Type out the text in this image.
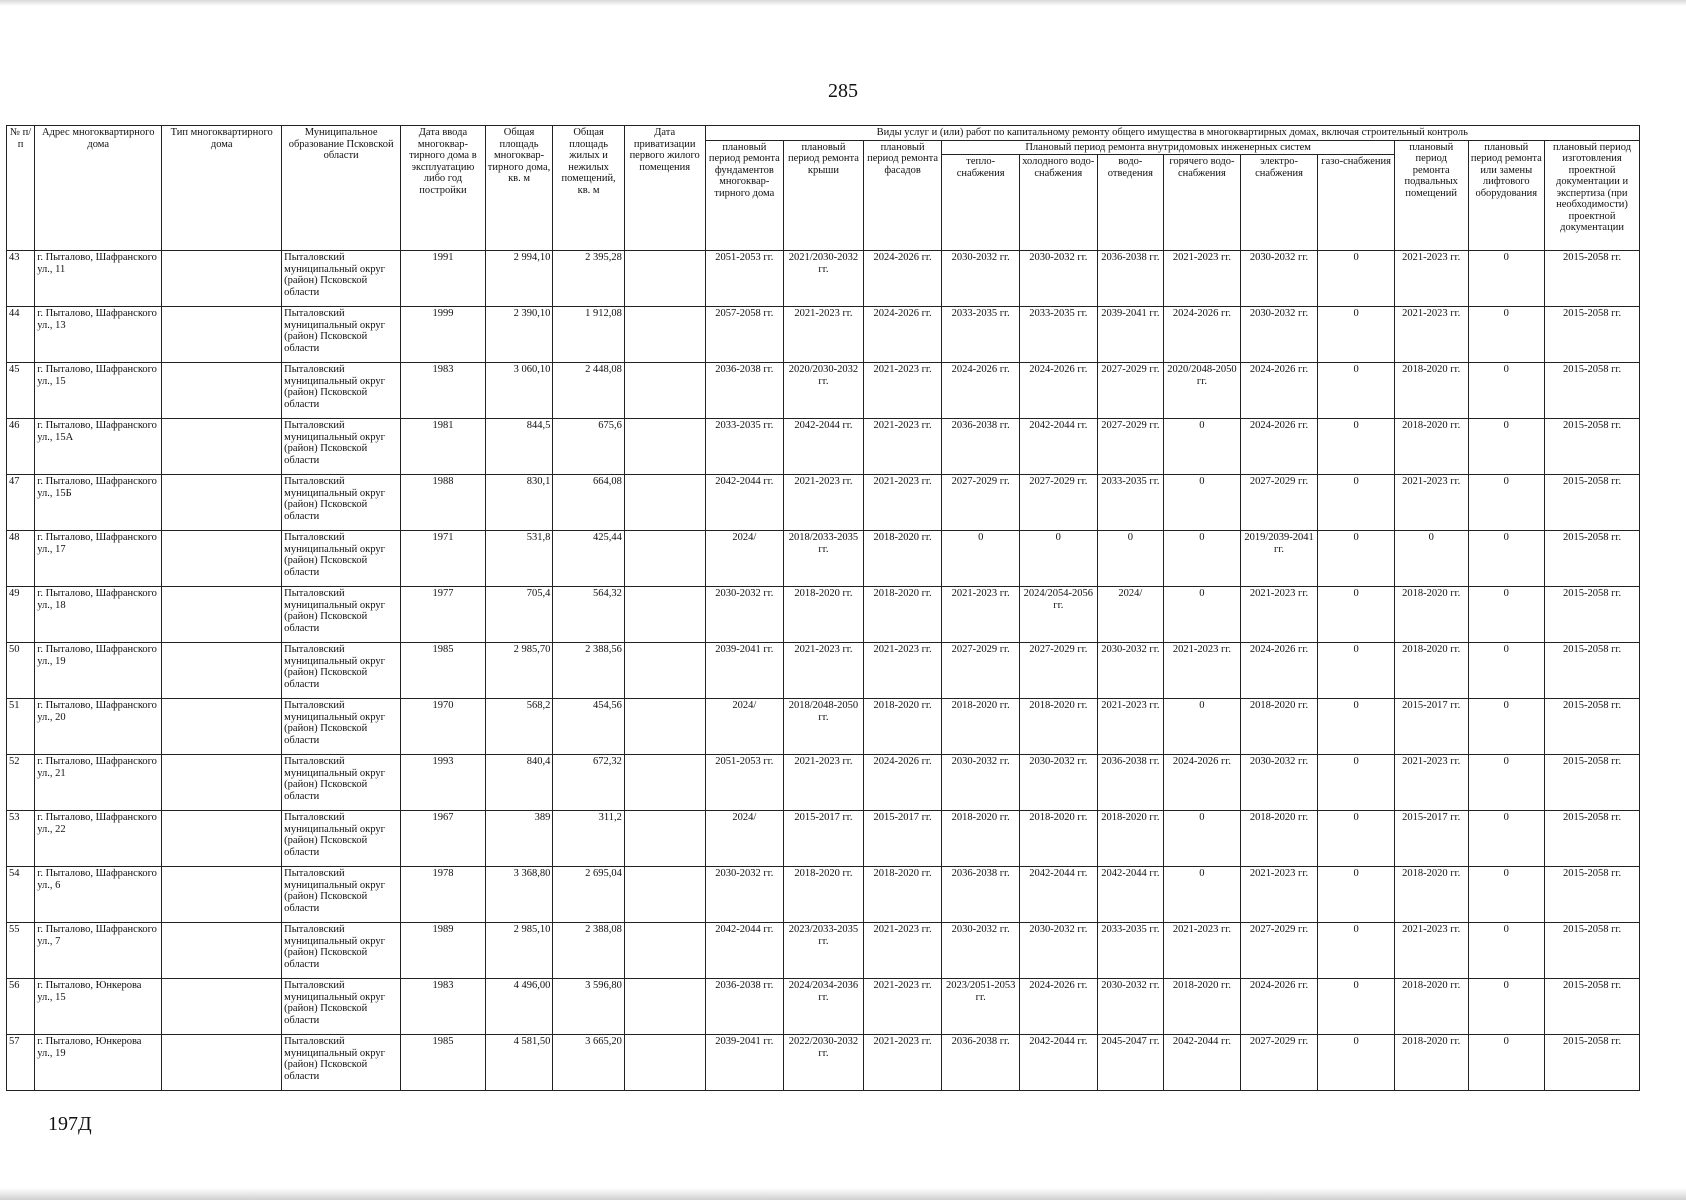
285
№ п/п	Адрес многоквартирного дома	Тип многоквартирного дома	Муниципальное образование Псковской области	Дата ввода многоквар-тирного дома в эксплуатацию либо год постройки	Общая площадь многоквар-тирного дома, кв. м	Общая площадь жилых и нежилых помещений, кв. м	Дата приватизации первого жилого помещения	Виды услуг и (или) работ по капитальному ремонту общего имущества в многоквартирных домах, включая строительный контроль											
								плановый период ремонта фундаментов многоквар-тирного дома	плановый период ремонта крыши	плановый период ремонта фасадов	Плановый период ремонта внутридомовых инженерных систем						плановый период ремонта подвальных помещений	плановый период ремонта или замены лифтового оборудования	плановый период изготовления проектной документации и экспертиза (при необходимости) проектной документации
											тепло-снабжения	холодного водо-снабжения	водо-отведения	горячего водо-снабжения	электро-снабжения	газо-снабжения			
43	г. Пыталово, Шафранского ул., 11		Пыталовский муниципальный округ (район) Псковской области	1991	2 994,10	2 395,28		2051-2053 гг.	2021/2030-2032 гг.	2024-2026 гг.	2030-2032 гг.	2030-2032 гг.	2036-2038 гг.	2021-2023 гг.	2030-2032 гг.	0	2021-2023 гг.	0	2015-2058 гг.
44	г. Пыталово, Шафранского ул., 13		Пыталовский муниципальный округ (район) Псковской области	1999	2 390,10	1 912,08		2057-2058 гг.	2021-2023 гг.	2024-2026 гг.	2033-2035 гг.	2033-2035 гг.	2039-2041 гг.	2024-2026 гг.	2030-2032 гг.	0	2021-2023 гг.	0	2015-2058 гг.
45	г. Пыталово, Шафранского ул., 15		Пыталовский муниципальный округ (район) Псковской области	1983	3 060,10	2 448,08		2036-2038 гг.	2020/2030-2032 гг.	2021-2023 гг.	2024-2026 гг.	2024-2026 гг.	2027-2029 гг.	2020/2048-2050 гг.	2024-2026 гг.	0	2018-2020 гг.	0	2015-2058 гг.
46	г. Пыталово, Шафранского ул., 15А		Пыталовский муниципальный округ (район) Псковской области	1981	844,5	675,6		2033-2035 гг.	2042-2044 гг.	2021-2023 гг.	2036-2038 гг.	2042-2044 гг.	2027-2029 гг.	0	2024-2026 гг.	0	2018-2020 гг.	0	2015-2058 гг.
47	г. Пыталово, Шафранского ул., 15Б		Пыталовский муниципальный округ (район) Псковской области	1988	830,1	664,08		2042-2044 гг.	2021-2023 гг.	2021-2023 гг.	2027-2029 гг.	2027-2029 гг.	2033-2035 гг.	0	2027-2029 гг.	0	2021-2023 гг.	0	2015-2058 гг.
48	г. Пыталово, Шафранского ул., 17		Пыталовский муниципальный округ (район) Псковской области	1971	531,8	425,44		2024/	2018/2033-2035 гг.	2018-2020 гг.	0	0	0	0	2019/2039-2041 гг.	0	0	0	2015-2058 гг.
49	г. Пыталово, Шафранского ул., 18		Пыталовский муниципальный округ (район) Псковской области	1977	705,4	564,32		2030-2032 гг.	2018-2020 гг.	2018-2020 гг.	2021-2023 гг.	2024/2054-2056 гг.	2024/	0	2021-2023 гг.	0	2018-2020 гг.	0	2015-2058 гг.
50	г. Пыталово, Шафранского ул., 19		Пыталовский муниципальный округ (район) Псковской области	1985	2 985,70	2 388,56		2039-2041 гг.	2021-2023 гг.	2021-2023 гг.	2027-2029 гг.	2027-2029 гг.	2030-2032 гг.	2021-2023 гг.	2024-2026 гг.	0	2018-2020 гг.	0	2015-2058 гг.
51	г. Пыталово, Шафранского ул., 20		Пыталовский муниципальный округ (район) Псковской области	1970	568,2	454,56		2024/	2018/2048-2050 гг.	2018-2020 гг.	2018-2020 гг.	2018-2020 гг.	2021-2023 гг.	0	2018-2020 гг.	0	2015-2017 гг.	0	2015-2058 гг.
52	г. Пыталово, Шафранского ул., 21		Пыталовский муниципальный округ (район) Псковской области	1993	840,4	672,32		2051-2053 гг.	2021-2023 гг.	2024-2026 гг.	2030-2032 гг.	2030-2032 гг.	2036-2038 гг.	2024-2026 гг.	2030-2032 гг.	0	2021-2023 гг.	0	2015-2058 гг.
53	г. Пыталово, Шафранского ул., 22		Пыталовский муниципальный округ (район) Псковской области	1967	389	311,2		2024/	2015-2017 гг.	2015-2017 гг.	2018-2020 гг.	2018-2020 гг.	2018-2020 гг.	0	2018-2020 гг.	0	2015-2017 гг.	0	2015-2058 гг.
54	г. Пыталово, Шафранского ул., 6		Пыталовский муниципальный округ (район) Псковской области	1978	3 368,80	2 695,04		2030-2032 гг.	2018-2020 гг.	2018-2020 гг.	2036-2038 гг.	2042-2044 гг.	2042-2044 гг.	0	2021-2023 гг.	0	2018-2020 гг.	0	2015-2058 гг.
55	г. Пыталово, Шафранского ул., 7		Пыталовский муниципальный округ (район) Псковской области	1989	2 985,10	2 388,08		2042-2044 гг.	2023/2033-2035 гг.	2021-2023 гг.	2030-2032 гг.	2030-2032 гг.	2033-2035 гг.	2021-2023 гг.	2027-2029 гг.	0	2021-2023 гг.	0	2015-2058 гг.
56	г. Пыталово, Юнкерова ул., 15		Пыталовский муниципальный округ (район) Псковской области	1983	4 496,00	3 596,80		2036-2038 гг.	2024/2034-2036 гг.	2021-2023 гг.	2023/2051-2053 гг.	2024-2026 гг.	2030-2032 гг.	2018-2020 гг.	2024-2026 гг.	0	2018-2020 гг.	0	2015-2058 гг.
57	г. Пыталово, Юнкерова ул., 19		Пыталовский муниципальный округ (район) Псковской области	1985	4 581,50	3 665,20		2039-2041 гг.	2022/2030-2032 гг.	2021-2023 гг.	2036-2038 гг.	2042-2044 гг.	2045-2047 гг.	2042-2044 гг.	2027-2029 гг.	0	2018-2020 гг.	0	2015-2058 гг.
197Д
